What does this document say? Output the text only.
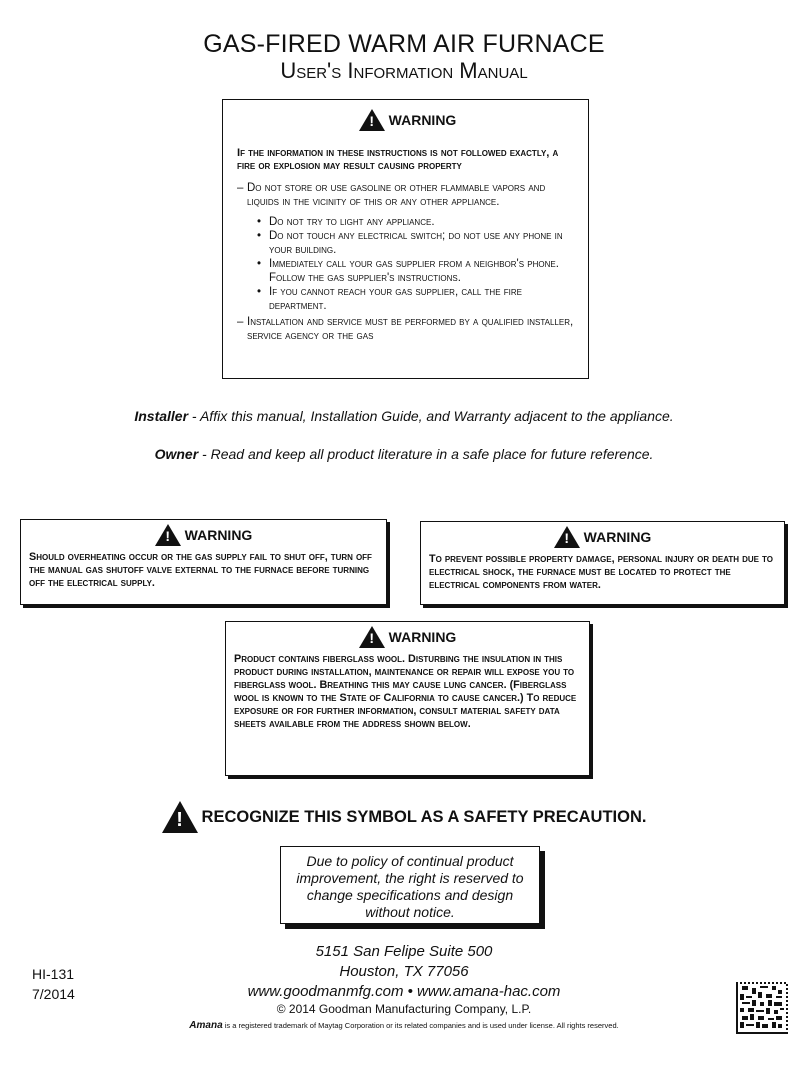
GAS-FIRED WARM AIR FURNACE
User's Information Manual
! WARNING
If the information in these instructions is not followed exactly, a fire or explosion may result causing property
– Do not store or use gasoline or other flammable vapors and liquids in the vicinity of this or any other appliance.
• Do not try to light any appliance.
• Do not touch any electrical switch; do not use any phone in your building.
• Immediately call your gas supplier from a neighbor's phone. Follow the gas supplier's instructions.
• If you cannot reach your gas supplier, call the fire department.
– Installation and service must be performed by a qualified installer, service agency or the gas
Installer - Affix this manual, Installation Guide, and Warranty adjacent to the appliance.
Owner - Read and keep all product literature in a safe place for future reference.
! WARNING
Should overheating occur or the gas supply fail to shut off, turn off the manual gas shutoff valve external to the furnace before turning off the electrical supply.
! WARNING
To prevent possible property damage, personal injury or death due to electrical shock, the furnace must be located to protect the electrical components from water.
! WARNING
Product contains fiberglass wool. Disturbing the insulation in this product during installation, maintenance or repair will expose you to fiberglass wool. Breathing this may cause lung cancer. (Fiberglass wool is known to the State of California to cause cancer.) To reduce exposure or for further information, consult material safety data sheets available from the address shown below.
! RECOGNIZE THIS SYMBOL AS A SAFETY PRECAUTION.
Due to policy of continual product improvement, the right is reserved to change specifications and design without notice.
5151 San Felipe Suite 500
Houston, TX 77056
www.goodmanmfg.com • www.amana-hac.com
© 2014 Goodman Manufacturing Company, L.P.
Amana is a registered trademark of Maytag Corporation or its related companies and is used under license. All rights reserved.
HI-131
7/2014
